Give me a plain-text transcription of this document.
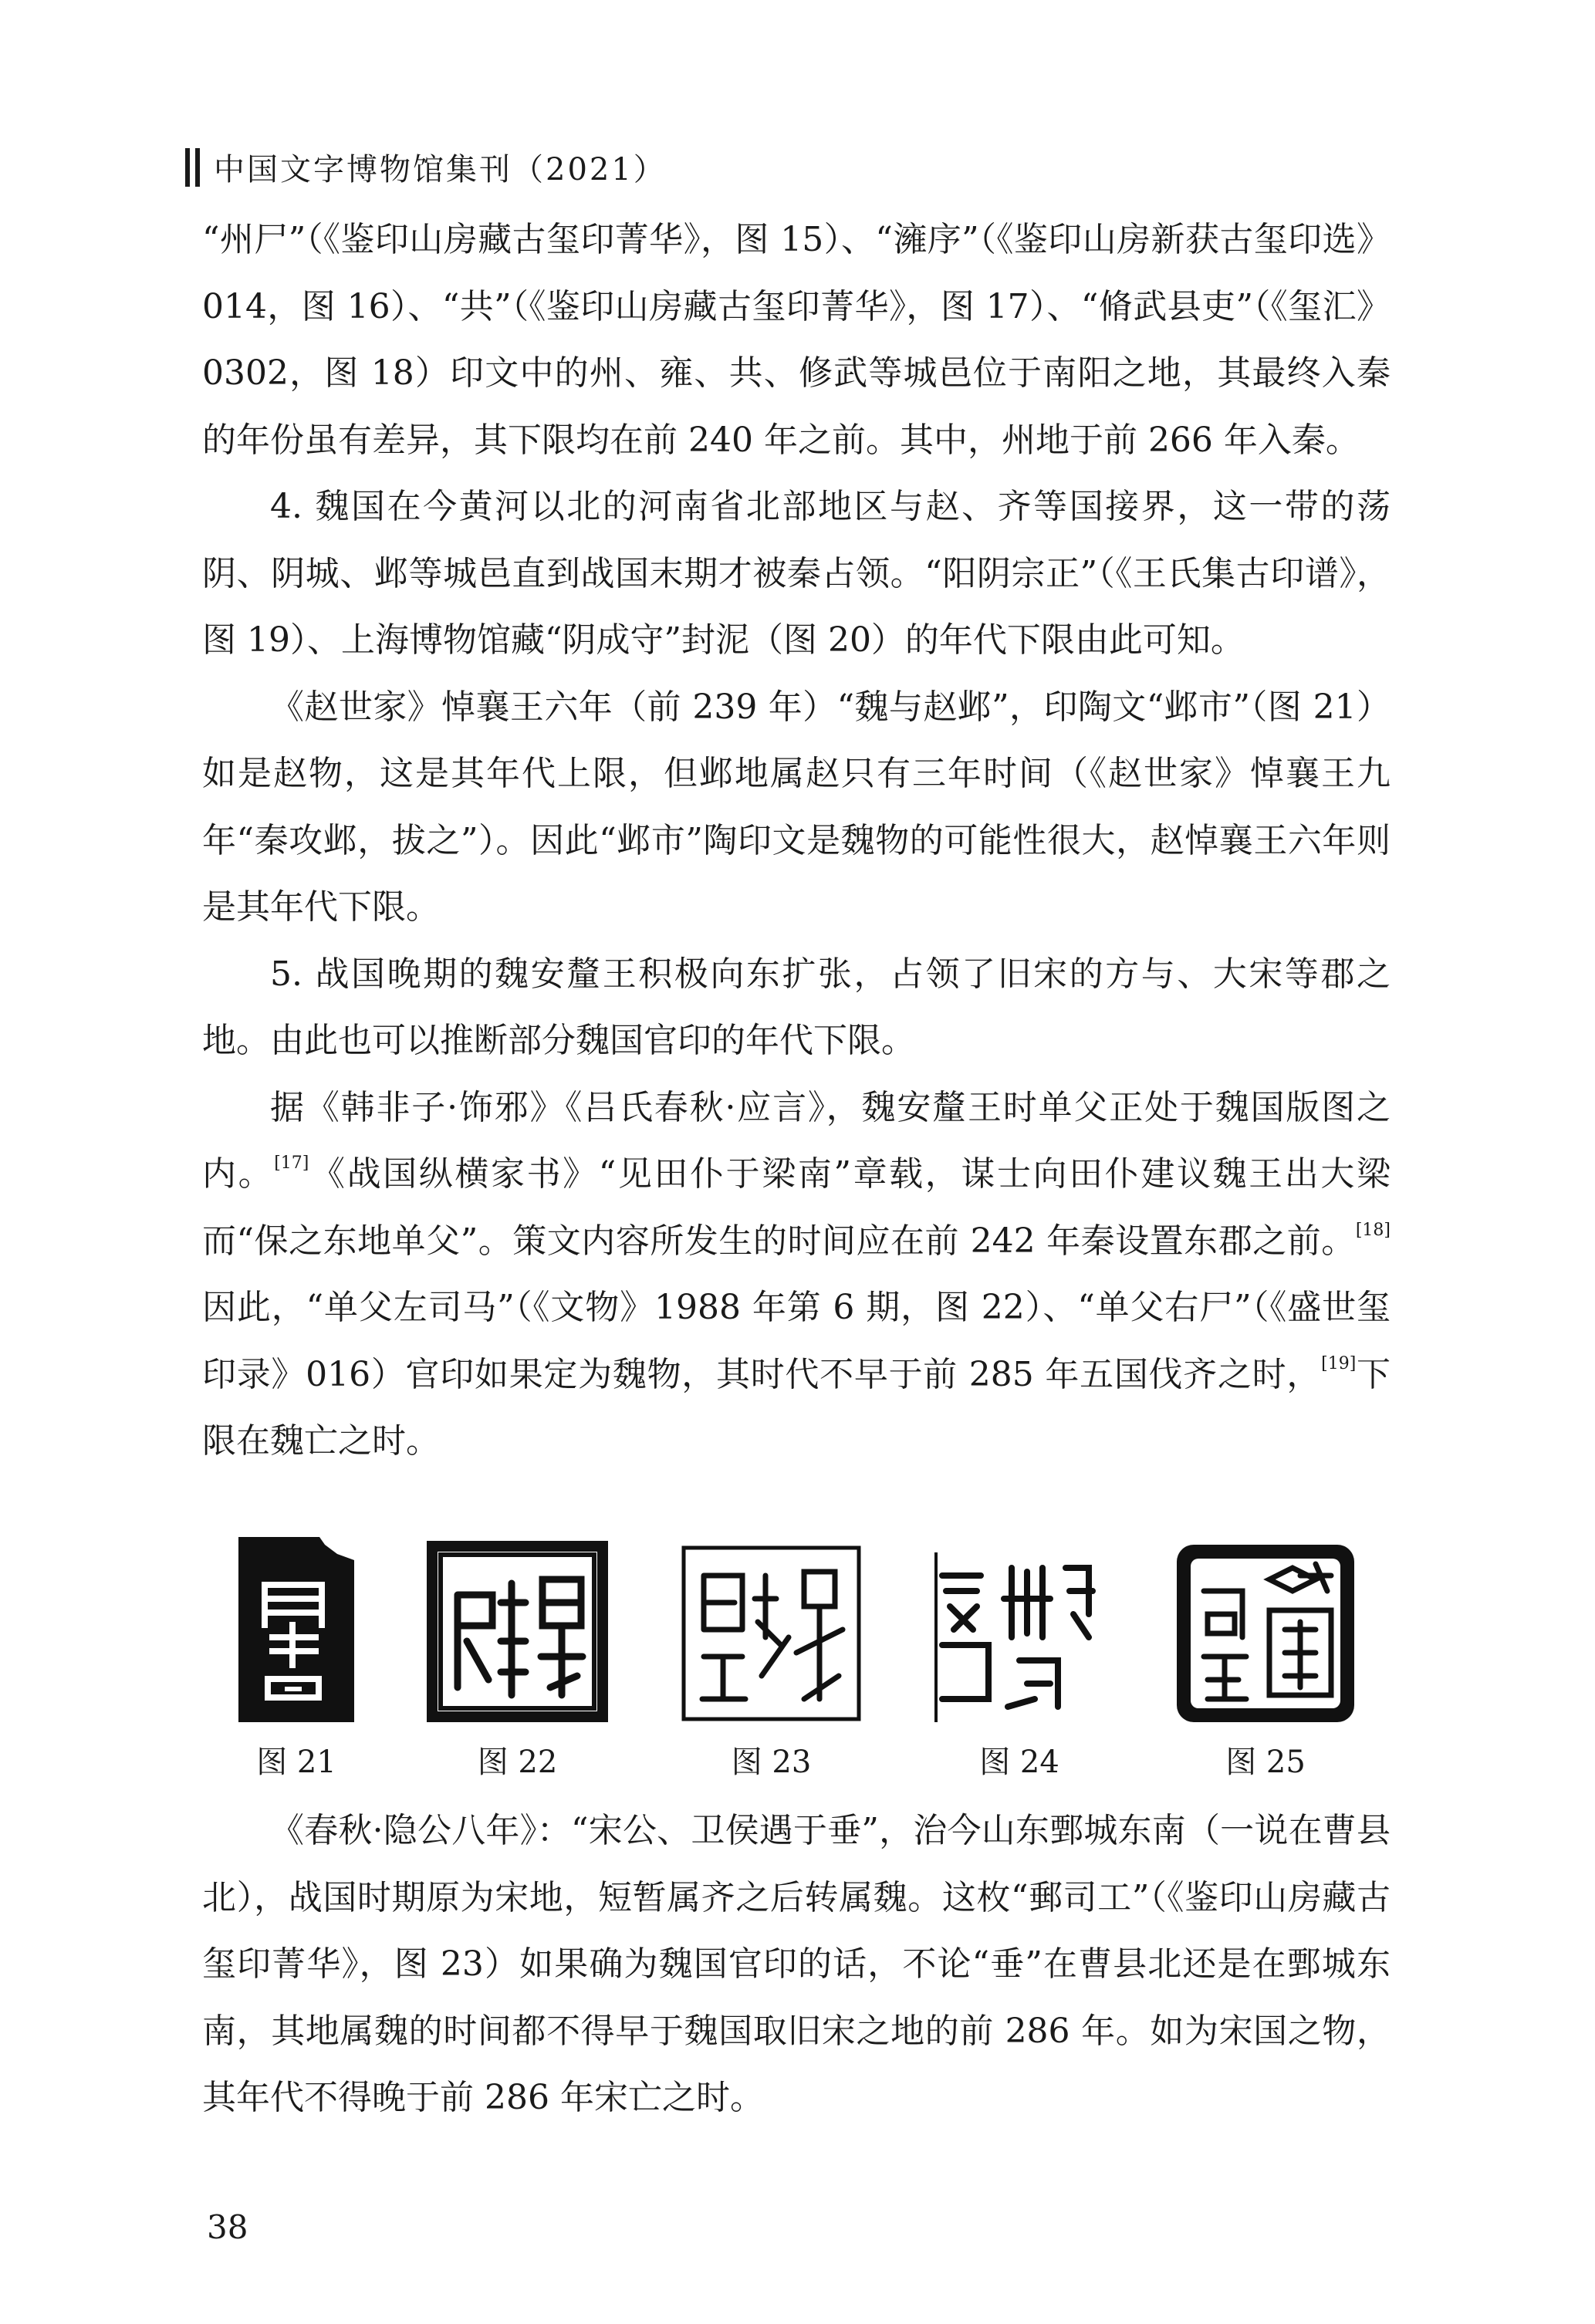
中国文字博物馆集刊（2021）

“州⼫”（《鉴印山房藏古玺印菁华》，图 15）、“澭序”（《鉴印山房新获古玺印选》014，图 16）、“共”（《鉴印山房藏古玺印菁华》，图 17）、“脩武县吏”（《玺汇》0302，图 18）印文中的州、雍、共、修武等城邑位于南阳之地，其最终入秦的年份虽有差异，其下限均在前 240 年之前。其中，州地于前 266 年入秦。

4. 魏国在今黄河以北的河南省北部地区与赵、齐等国接界，这一带的荡阴、阴城、邺等城邑直到战国末期才被秦占领。“阳阴宗正”（《王氏集古印谱》，图 19）、上海博物馆藏“阴成守”封泥（图 20）的年代下限由此可知。

《赵世家》悼襄王六年（前 239 年）“魏与赵邺”，印陶文“邺市”（图 21）如是赵物，这是其年代上限，但邺地属赵只有三年时间（《赵世家》悼襄王九年“秦攻邺，拔之”）。因此“邺市”陶印文是魏物的可能性很大，赵悼襄王六年则是其年代下限。

5. 战国晚期的魏安釐王积极向东扩张，占领了旧宋的方与、大宋等郡之地。由此也可以推断部分魏国官印的年代下限。

据《韩非子·饰邪》《吕氏春秋·应言》，魏安釐王时单父正处于魏国版图之内。[17]《战国纵横家书》“见田仆于梁南”章载，谋士向田仆建议魏王出大梁而“保之东地单父”。策文内容所发生的时间应在前 242 年秦设置东郡之前。[18]因此，“单父左司马”（《文物》1988 年第 6 期，图 22）、“单父右⼫”（《盛世玺印录》016）官印如果定为魏物，其时代不早于前 285 年五国伐齐之时，[19]下限在魏亡之时。

图 21	图 22	图 23	图 24	图 25

《春秋·隐公八年》：“宋公、卫侯遇于垂”，治今山东鄄城东南（一说在曹县北），战国时期原为宋地，短暂属齐之后转属魏。这枚“郵司工”（《鉴印山房藏古玺印菁华》，图 23）如果确为魏国官印的话，不论“垂”在曹县北还是在鄄城东南，其地属魏的时间都不得早于魏国取旧宋之地的前 286 年。如为宋国之物，其年代不得晚于前 286 年宋亡之时。

38
